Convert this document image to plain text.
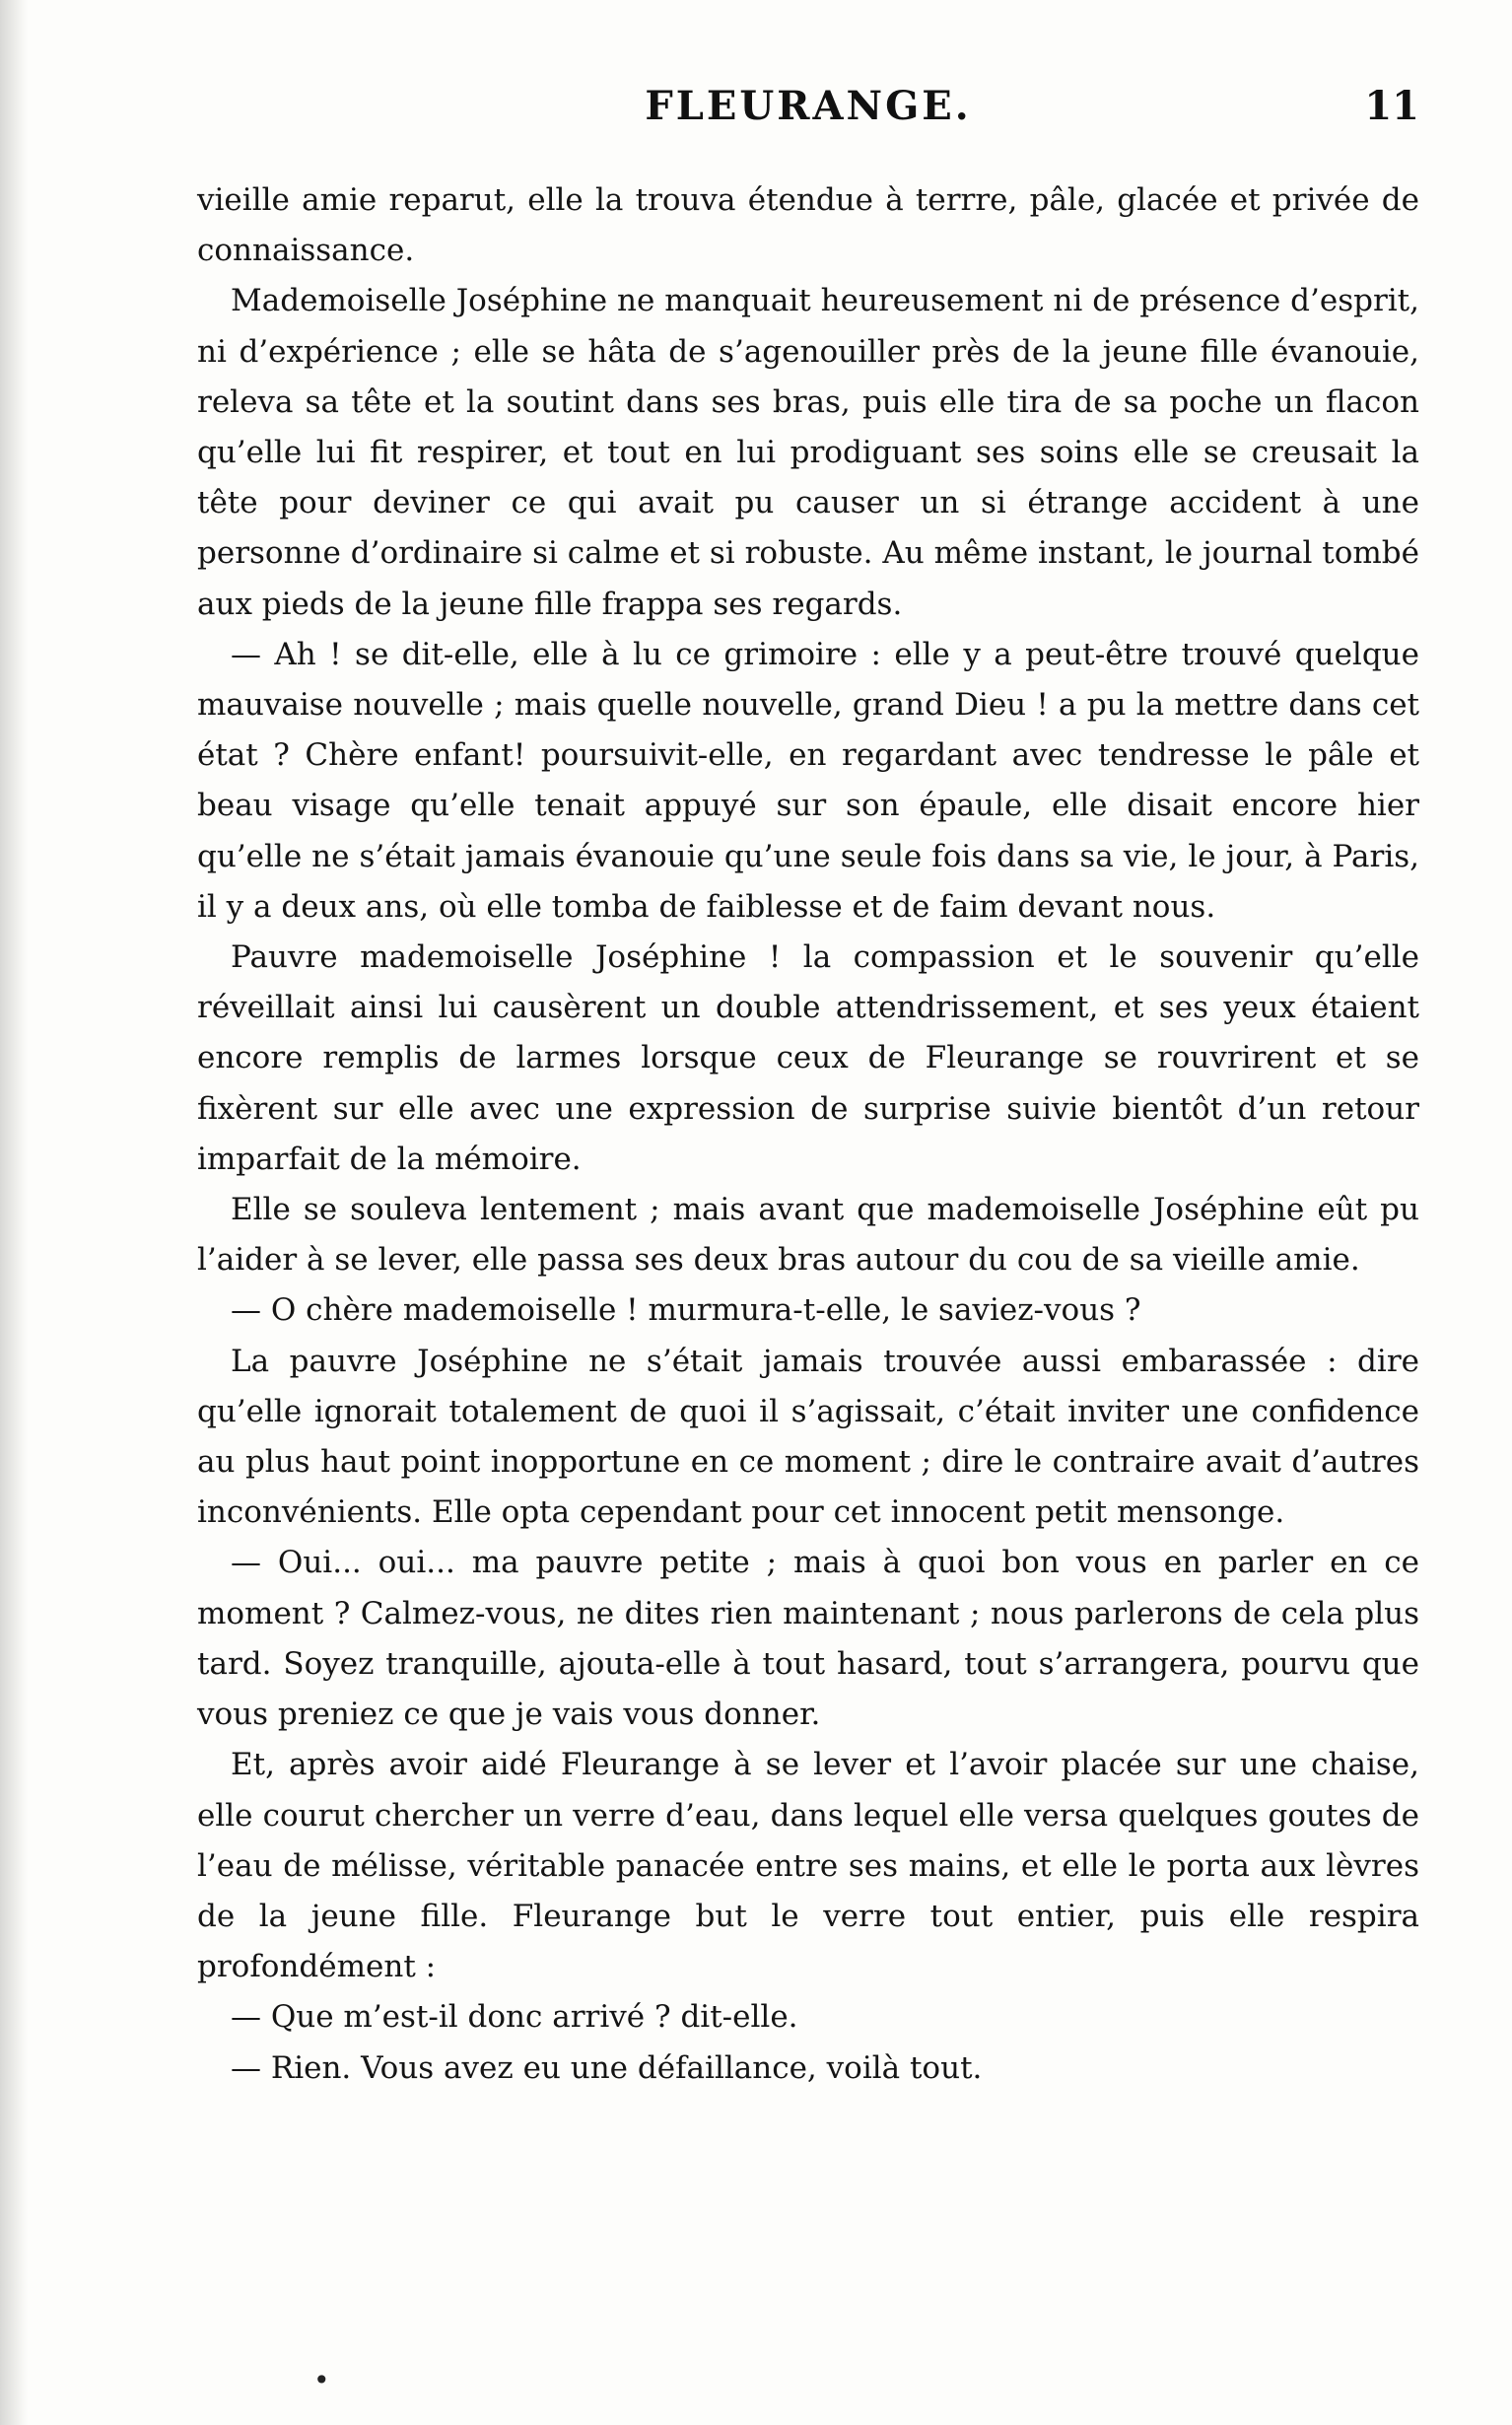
FLEURANGE.	11

vieille amie reparut, elle la trouva étendue à terrre, pâle, glacée et privée de connaissance.

Mademoiselle Joséphine ne manquait heureusement ni de présence d’esprit, ni d’expérience ; elle se hâta de s’agenouiller près de la jeune fille évanouie, releva sa tête et la soutint dans ses bras, puis elle tira de sa poche un flacon qu’elle lui fit respirer, et tout en lui prodiguant ses soins elle se creusait la tête pour deviner ce qui avait pu causer un si étrange accident à une personne d’ordinaire si calme et si robuste. Au même instant, le journal tombé aux pieds de la jeune fille frappa ses regards.

— Ah ! se dit-elle, elle à lu ce grimoire : elle y a peut-être trouvé quelque mauvaise nouvelle ; mais quelle nouvelle, grand Dieu ! a pu la mettre dans cet état ? Chère enfant! poursuivit-elle, en regardant avec tendresse le pâle et beau visage qu’elle tenait appuyé sur son épaule, elle disait encore hier qu’elle ne s’était jamais évanouie qu’une seule fois dans sa vie, le jour, à Paris, il y a deux ans, où elle tomba de faiblesse et de faim devant nous.

Pauvre mademoiselle Joséphine ! la compassion et le souvenir qu’elle réveillait ainsi lui causèrent un double attendrissement, et ses yeux étaient encore remplis de larmes lorsque ceux de Fleurange se rouvrirent et se fixèrent sur elle avec une expression de surprise suivie bientôt d’un retour imparfait de la mémoire.

Elle se souleva lentement ; mais avant que mademoiselle Joséphine eût pu l’aider à se lever, elle passa ses deux bras autour du cou de sa vieille amie.

— O chère mademoiselle ! murmura-t-elle, le saviez-vous ?

La pauvre Joséphine ne s’était jamais trouvée aussi embarassée : dire qu’elle ignorait totalement de quoi il s’agissait, c’était inviter une confidence au plus haut point inopportune en ce moment ; dire le contraire avait d’autres inconvénients. Elle opta cependant pour cet innocent petit mensonge.

— Oui... oui... ma pauvre petite ; mais à quoi bon vous en parler en ce moment ? Calmez-vous, ne dites rien maintenant ; nous parlerons de cela plus tard. Soyez tranquille, ajouta-elle à tout hasard, tout s’arrangera, pourvu que vous preniez ce que je vais vous donner.

Et, après avoir aidé Fleurange à se lever et l’avoir placée sur une chaise, elle courut chercher un verre d’eau, dans lequel elle versa quelques goutes de l’eau de mélisse, véritable panacée entre ses mains, et elle le porta aux lèvres de la jeune fille. Fleurange but le verre tout entier, puis elle respira profondément :

— Que m’est-il donc arrivé ? dit-elle.

— Rien. Vous avez eu une défaillance, voilà tout.

•
